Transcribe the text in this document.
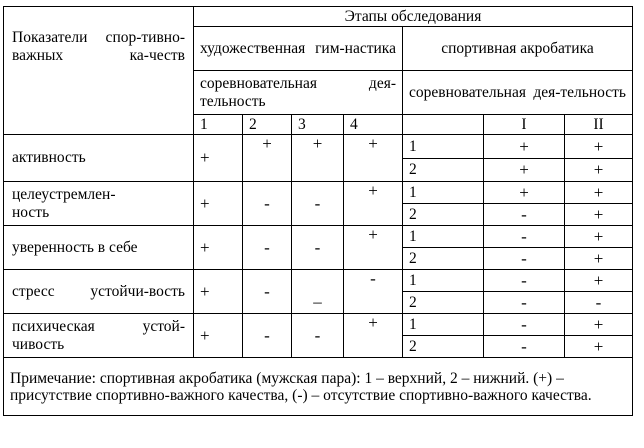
Показатели спор-тивно-важных ка-честв	Этапы обследования						

	художественная гим-настика				спортивная акробатика		

	соревновательная дея-тельность				соревновательная дея-тельность		

	1	2	3	4		I	II
активность	+	+	+	+	1	+	+
					2	+	+

целеустремлен-ность	+	-	-	+	1	+	+
					2	-	+
уверенность в себе	+	-	-	+	1	-	+
					2	-	+

стресс устойчи-вость	+	-	–	-	1	-	+
					2	-	-

психическая устой-чивость	+	-	-	+	1	-	+
					2	-	+
Примечание: спортивная акробатика (мужская пара): 1 – верхний, 2 – нижний. (+) – присутствие спортивно-важного качества, (-) – отсутствие спортивно-важного качества.							
